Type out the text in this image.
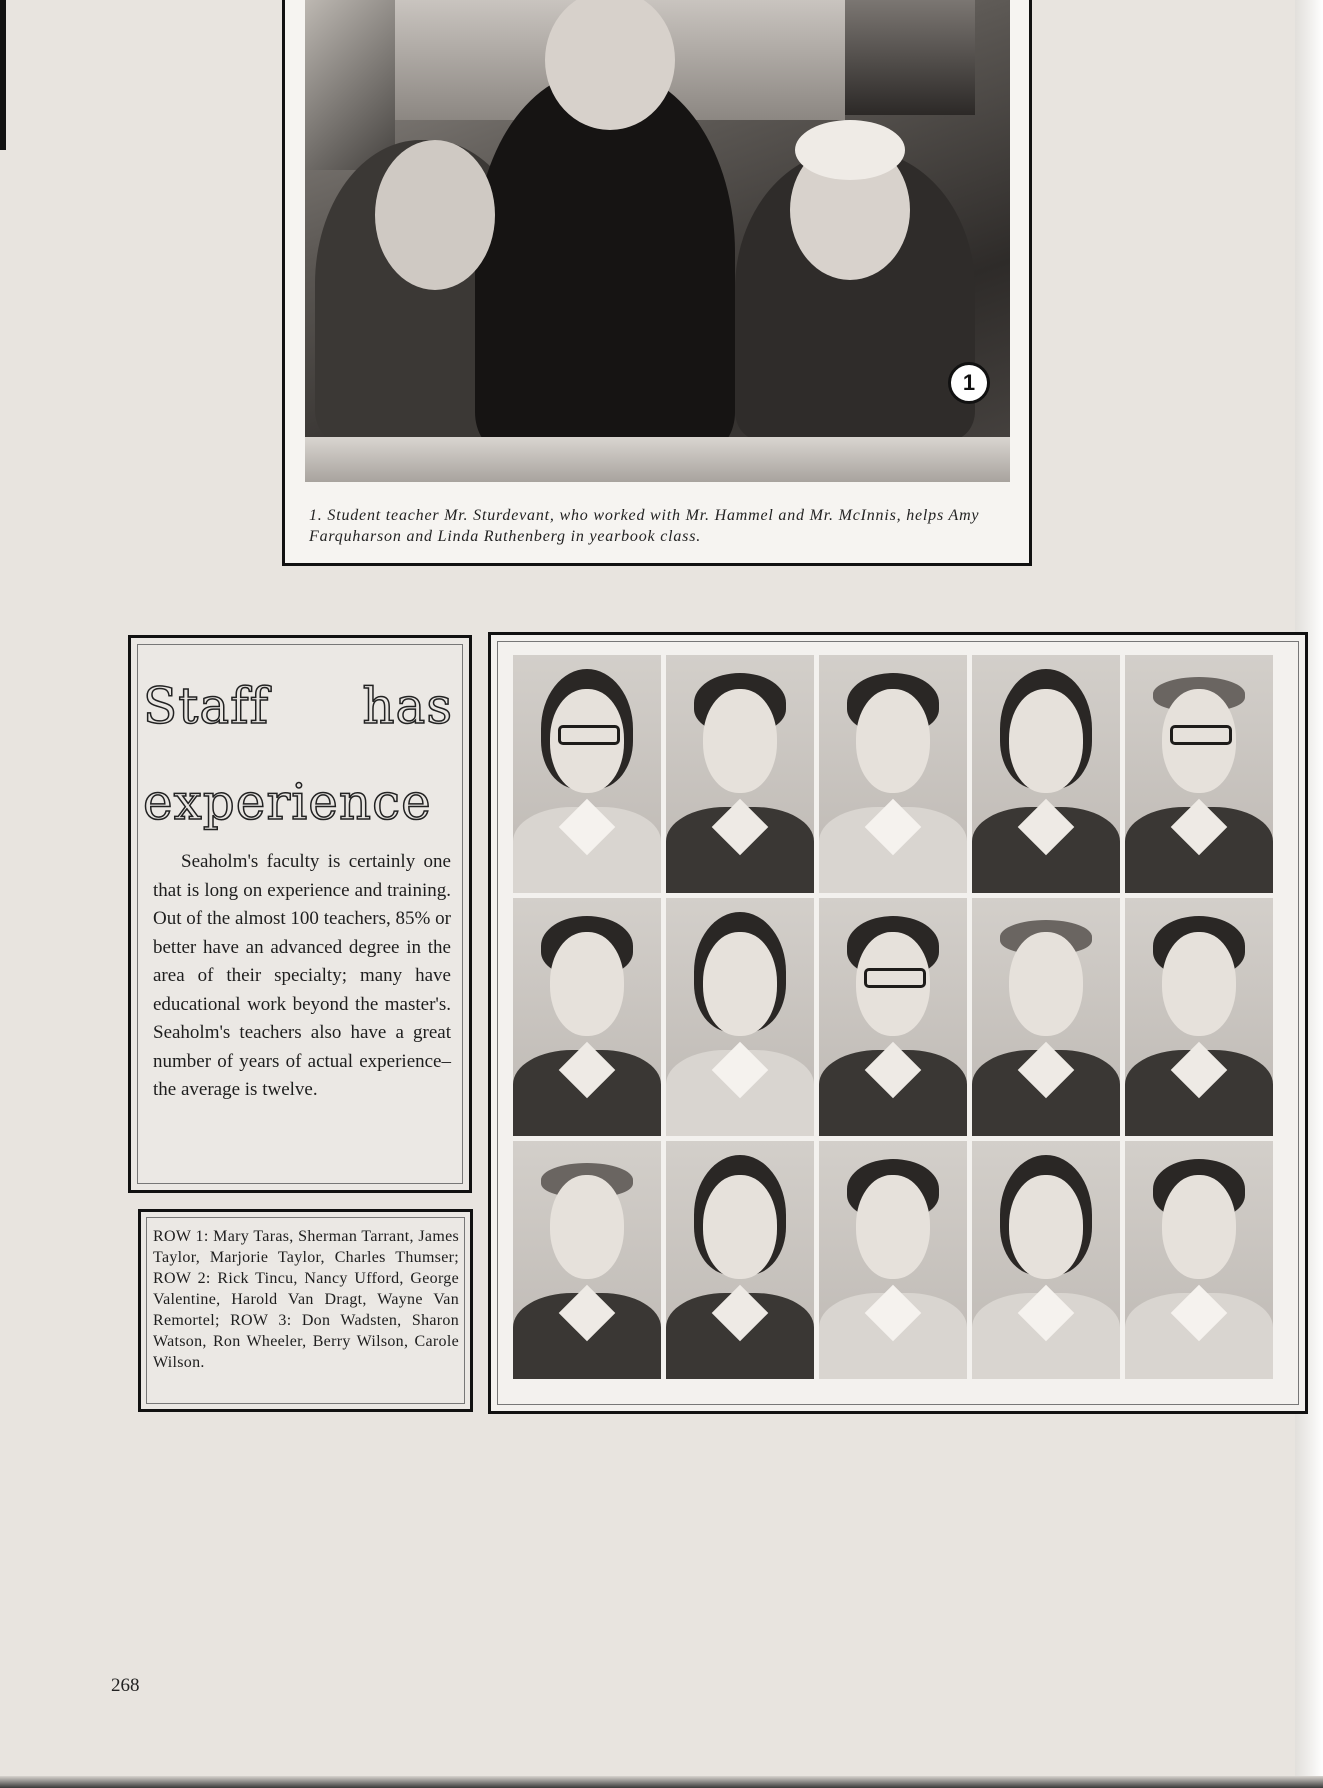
1
1. Student teacher Mr. Sturdevant, who worked with Mr. Hammel and Mr. McInnis, helps Amy Farquharson and Linda Ruthenberg in yearbook class.
Staff has
experience
Seaholm's faculty is certainly one that is long on experience and training. Out of the almost 100 teachers, 85% or better have an advanced degree in the area of their specialty; many have educational work beyond the master's. Seaholm's teachers also have a great number of years of actual experience–the average is twelve.
ROW 1: Mary Taras, Sherman Tarrant, James Taylor, Marjorie Taylor, Charles Thumser; ROW 2: Rick Tincu, Nancy Ufford, George Valentine, Harold Van Dragt, Wayne Van Remortel; ROW 3: Don Wadsten, Sharon Watson, Ron Wheeler, Berry Wilson, Carole Wilson.
268
